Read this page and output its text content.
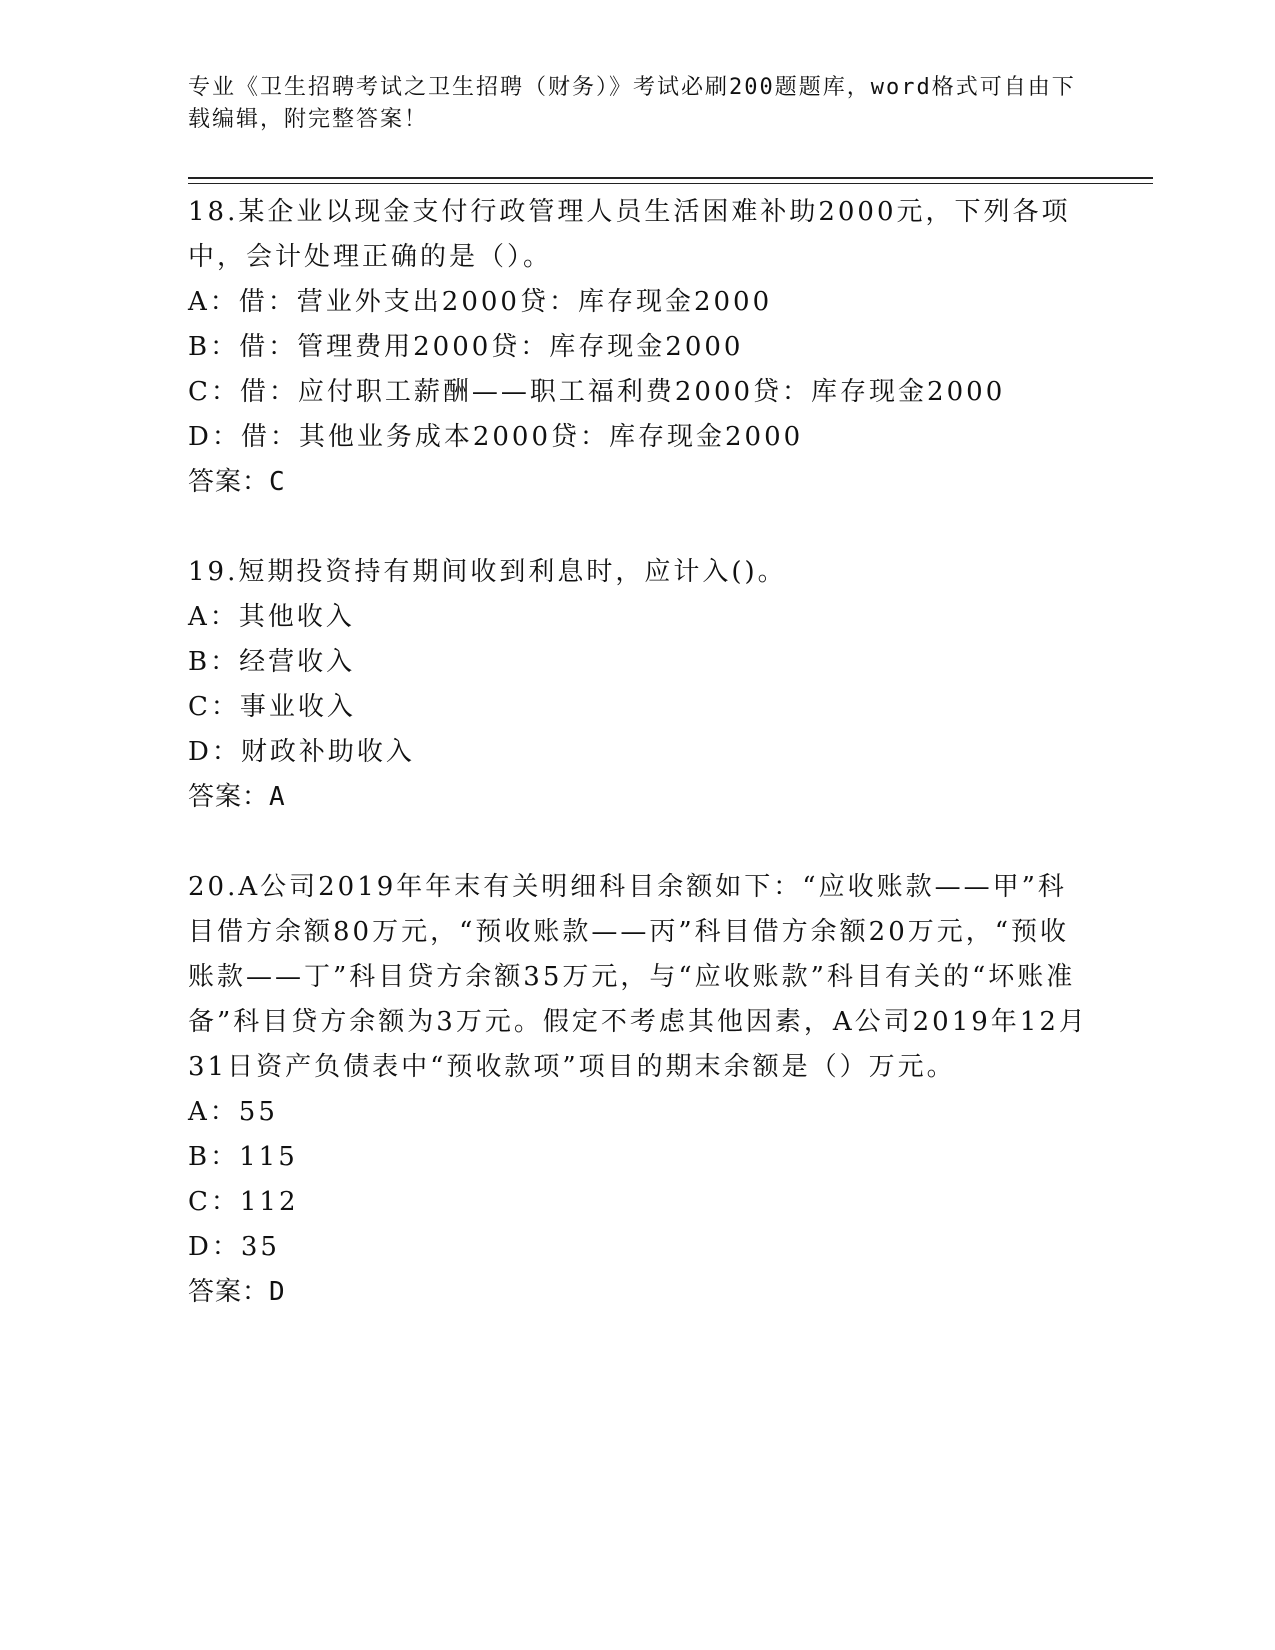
专业《卫生招聘考试之卫生招聘（财务）》考试必刷200题题库，word格式可自由下载编辑，附完整答案！

18.某企业以现金支付行政管理人员生活困难补助2000元，下列各项中，会计处理正确的是（）。

A：借：营业外支出2000贷：库存现金2000

B：借：管理费用2000贷：库存现金2000

C：借：应付职工薪酬——职工福利费2000贷：库存现金2000

D：借：其他业务成本2000贷：库存现金2000

答案：C

19.短期投资持有期间收到利息时，应计入()。

A：其他收入

B：经营收入

C：事业收入

D：财政补助收入

答案：A

20.A公司2019年年末有关明细科目余额如下：“应收账款——甲”科目借方余额80万元，“预收账款——丙”科目借方余额20万元，“预收账款——丁”科目贷方余额35万元，与“应收账款”科目有关的“坏账准备”科目贷方余额为3万元。假定不考虑其他因素，A公司2019年12月31日资产负债表中“预收款项”项目的期末余额是（）万元。

A：55

B：115

C：112

D：35

答案：D
